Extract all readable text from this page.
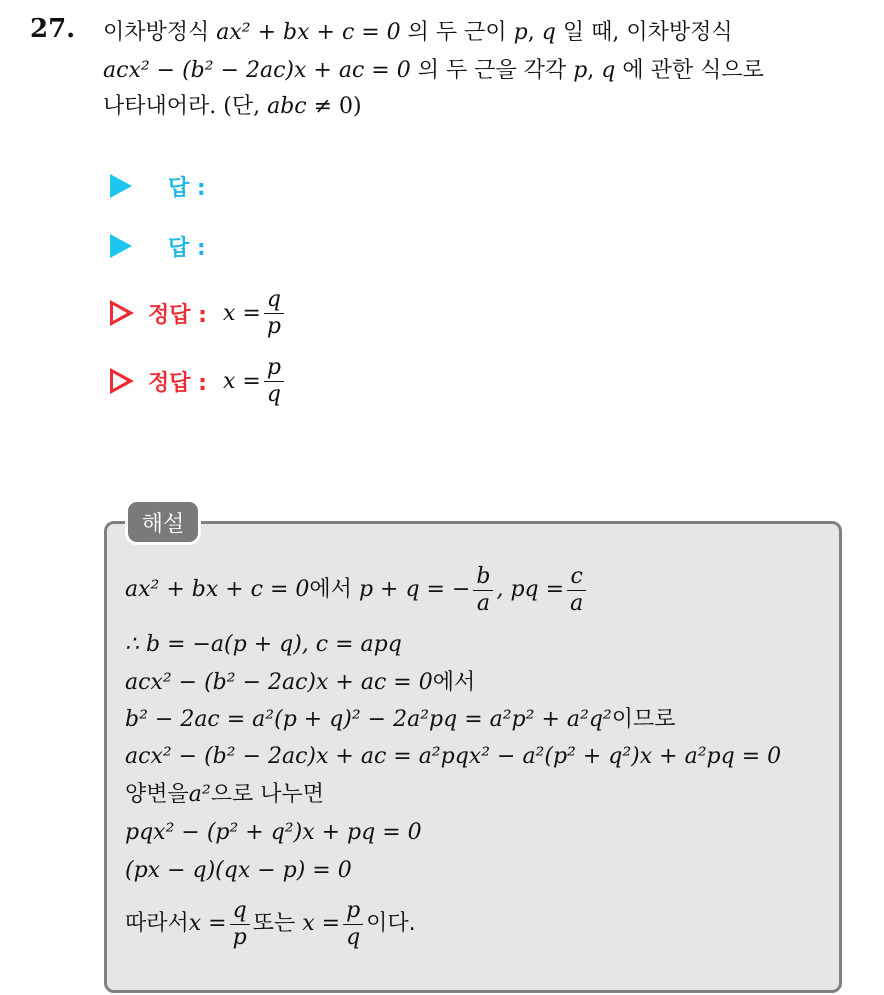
27. 이차방정식 ax² + bx + c = 0 의 두 근이 p, q 일 때, 이차방정식
acx² − (b² − 2ac)x + ac = 0 의 두 근을 각각 p, q 에 관한 식으로
나타내어라. (단, abc ≠ 0)
답 :
답 :
정답 : $x = \frac{q}{p}$
정답 : $x = \frac{p}{q}$
해설
ax² + bx + c = 0 에서
p + q = − $\frac{b}{a}$ , pq = $\frac{c}{a}$
∴ b = −a(p + q), c = apq
acx² − (b² − 2ac)x + ac = 0 에서
b² − 2ac = a²(p + q)² − 2a²pq = a²p² + a²q² 이므로
acx² − (b² − 2ac)x + ac = a²pqx² − a²(p² + q²)x + a²pq = 0
양변을 a² 으로 나누면
pqx² − (p² + q²)x + pq = 0
(px − q)(qx − p) = 0
따라서 $x = \frac{q}{p}$ 또는
$x = \frac{p}{q}$ 이다.
